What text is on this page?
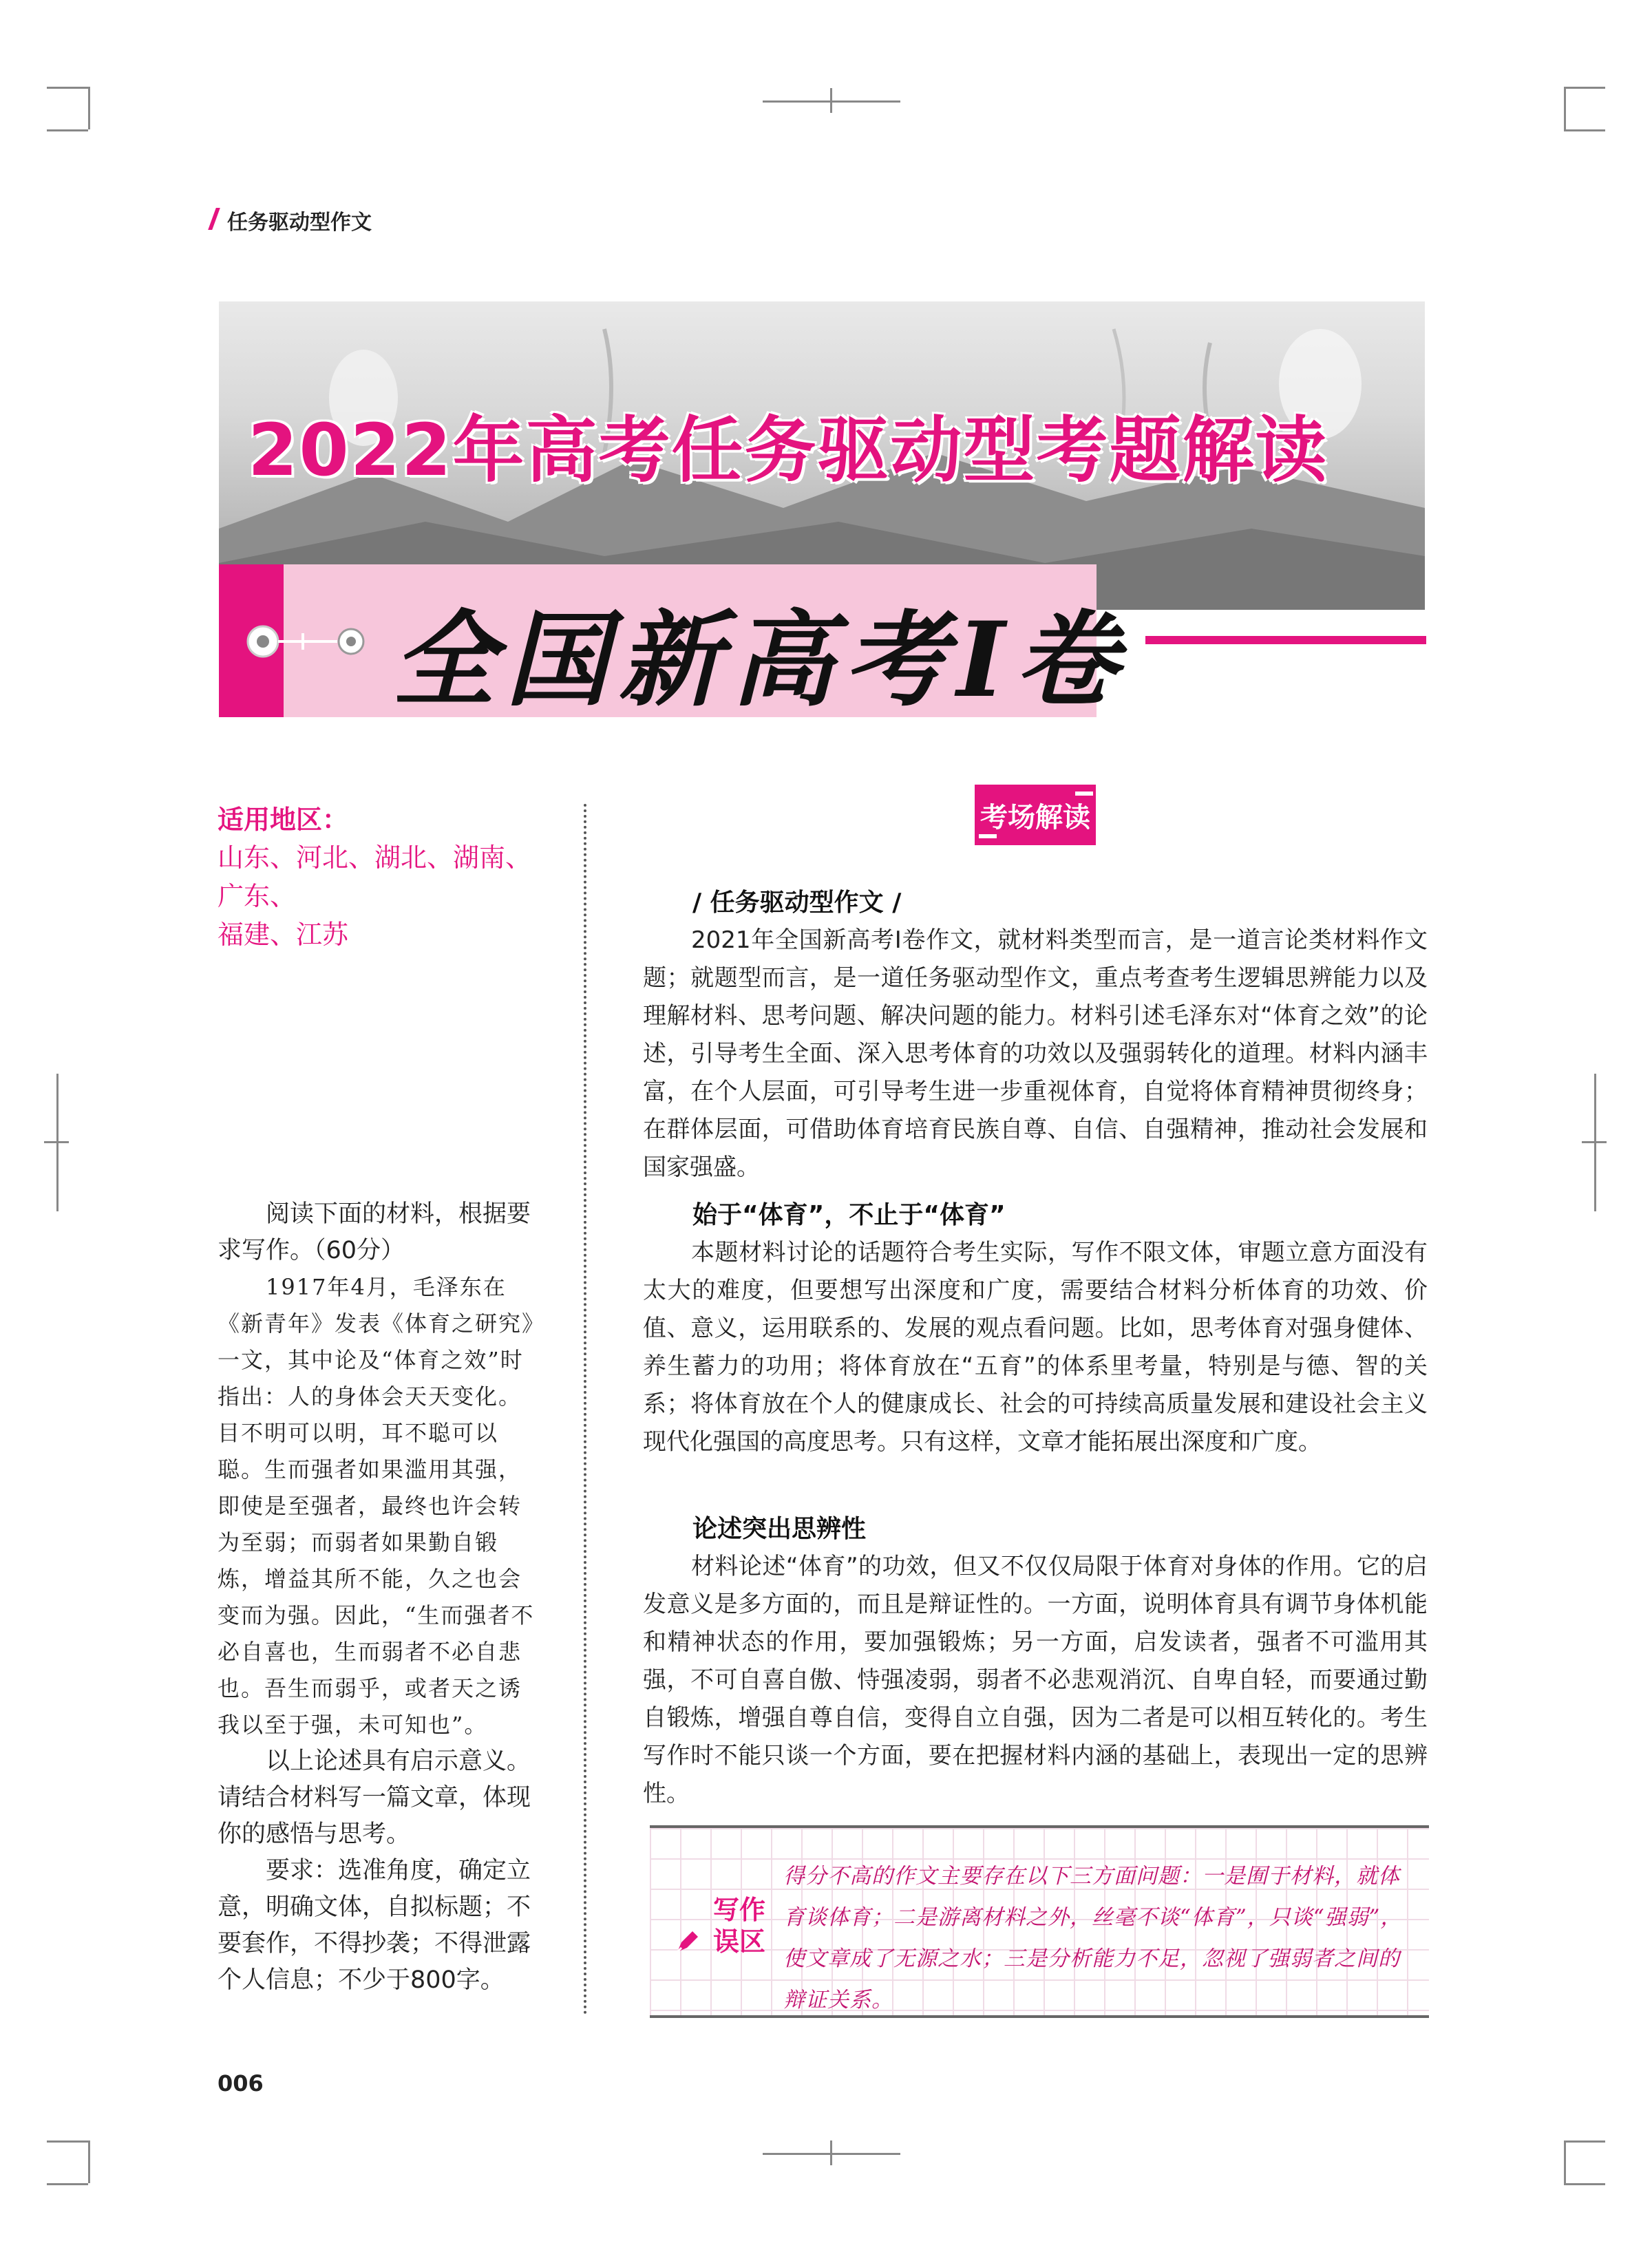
任务驱动型作文
2022年高考任务驱动型考题解读
全国新高考Ⅰ卷
适用地区：
山东、河北、湖北、湖南、广东、
福建、江苏

阅读下面的材料，根据要求写作。（60分）

1917年4月，毛泽东在《新青年》发表《体育之研究》一文，其中论及“体育之效”时指出：人的身体会天天变化。目不明可以明，耳不聪可以聪。生而强者如果滥用其强，即使是至强者，最终也许会转为至弱；而弱者如果勤自锻炼，增益其所不能，久之也会变而为强。因此，“生而强者不必自喜也，生而弱者不必自悲也。吾生而弱乎，或者天之诱我以至于强，未可知也”。

以上论述具有启示意义。请结合材料写一篇文章，体现你的感悟与思考。

要求：选准角度，确定立意，明确文体，自拟标题；不要套作，不得抄袭；不得泄露个人信息；不少于800字。

考场解读

/ 任务驱动型作文 /

2021年全国新高考Ⅰ卷作文，就材料类型而言，是一道言论类材料作文题；就题型而言，是一道任务驱动型作文，重点考查考生逻辑思辨能力以及理解材料、思考问题、解决问题的能力。材料引述毛泽东对“体育之效”的论述，引导考生全面、深入思考体育的功效以及强弱转化的道理。材料内涵丰富，在个人层面，可引导考生进一步重视体育，自觉将体育精神贯彻终身；在群体层面，可借助体育培育民族自尊、自信、自强精神，推动社会发展和国家强盛。

始于“体育”，不止于“体育”

本题材料讨论的话题符合考生实际，写作不限文体，审题立意方面没有太大的难度，但要想写出深度和广度，需要结合材料分析体育的功效、价值、意义，运用联系的、发展的观点看问题。比如，思考体育对强身健体、养生蓄力的功用；将体育放在“五育”的体系里考量，特别是与德、智的关系；将体育放在个人的健康成长、社会的可持续高质量发展和建设社会主义现代化强国的高度思考。只有这样，文章才能拓展出深度和广度。

论述突出思辨性

材料论述“体育”的功效，但又不仅仅局限于体育对身体的作用。它的启发意义是多方面的，而且是辩证性的。一方面，说明体育具有调节身体机能和精神状态的作用，要加强锻炼；另一方面，启发读者，强者不可滥用其强，不可自喜自傲、恃强凌弱，弱者不必悲观消沉、自卑自轻，而要通过勤自锻炼，增强自尊自信，变得自立自强，因为二者是可以相互转化的。考生写作时不能只谈一个方面，要在把握材料内涵的基础上，表现出一定的思辨性。

写作
误区
得分不高的作文主要存在以下三方面问题：一是囿于材料，就体育谈体育；二是游离材料之外，丝毫不谈“体育”，只谈“强弱”，使文章成了无源之水；三是分析能力不足，忽视了强弱者之间的辩证关系。
006
